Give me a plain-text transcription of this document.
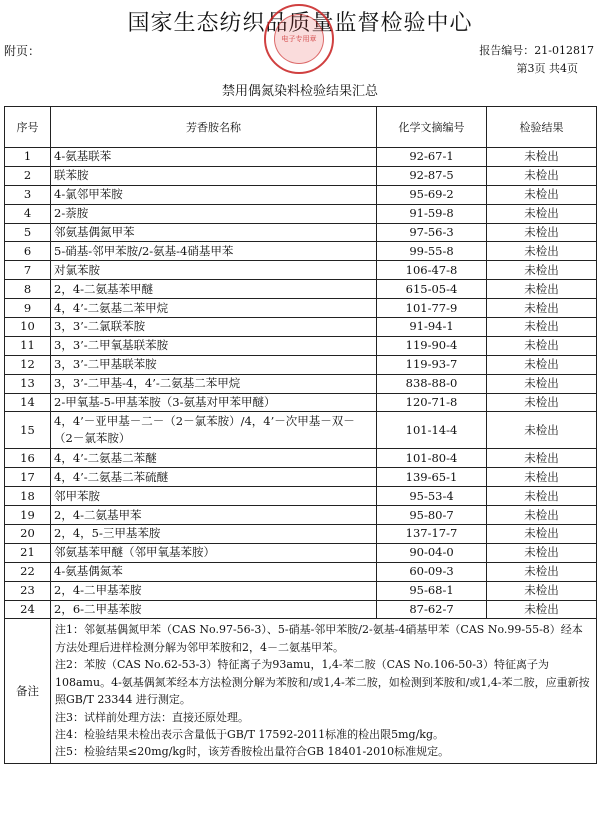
国家生态纺织品质量监督检验中心
电子专用章
附页：	报告编号：21-012817
第3页 共4页
禁用偶氮染料检验结果汇总
序号	芳香胺名称	化学文摘编号	检验结果
1	4-氨基联苯	92-67-1	未检出
2	联苯胺	92-87-5	未检出
3	4-氯邻甲苯胺	95-69-2	未检出
4	2-萘胺	91-59-8	未检出
5	邻氨基偶氮甲苯	97-56-3	未检出
6	5-硝基-邻甲苯胺/2-氨基-4硝基甲苯	99-55-8	未检出
7	对氯苯胺	106-47-8	未检出
8	2，4-二氨基苯甲醚	615-05-4	未检出
9	4，4’-二氨基二苯甲烷	101-77-9	未检出
10	3，3’-二氯联苯胺	91-94-1	未检出
11	3，3’-二甲氧基联苯胺	119-90-4	未检出
12	3，3’-二甲基联苯胺	119-93-7	未检出
13	3，3’-二甲基-4，4’-二氨基二苯甲烷	838-88-0	未检出
14	2-甲氧基-5-甲基苯胺（3-氨基对甲苯甲醚）	120-71-8	未检出
15	4，4’－亚甲基－二－（2－氯苯胺）/4，4’－次甲基－双－（2－氯苯胺）	101-14-4	未检出
16	4，4’-二氨基二苯醚	101-80-4	未检出
17	4，4’-二氨基二苯硫醚	139-65-1	未检出
18	邻甲苯胺	95-53-4	未检出
19	2，4-二氨基甲苯	95-80-7	未检出
20	2，4，5-三甲基苯胺	137-17-7	未检出
21	邻氨基苯甲醚（邻甲氧基苯胺）	90-04-0	未检出
22	4-氨基偶氮苯	60-09-3	未检出
23	2，4-二甲基苯胺	95-68-1	未检出
24	2，6-二甲基苯胺	87-62-7	未检出
备注	注1：邻氨基偶氮甲苯（CAS No.97-56-3）、5-硝基-邻甲苯胺/2-氨基-4硝基甲苯（CAS No.99-55-8）经本方法处理后进样检测分解为邻甲苯胺和2，4－二氨基甲苯。
注2：苯胺（CAS No.62-53-3）特征离子为93amu，1,4-苯二胺（CAS No.106-50-3）特征离子为108amu。4-氨基偶氮苯经本方法检测分解为苯胺和/或1,4-苯二胺，如检测到苯胺和/或1,4-苯二胺，应重新按照GB/T 23344 进行测定。
注3：试样前处理方法：直接还原处理。
注4：检验结果未检出表示含量低于GB/T 17592-2011标准的检出限5mg/kg。
注5：检验结果≤20mg/kg时，该芳香胺检出量符合GB 18401-2010标准规定。		
